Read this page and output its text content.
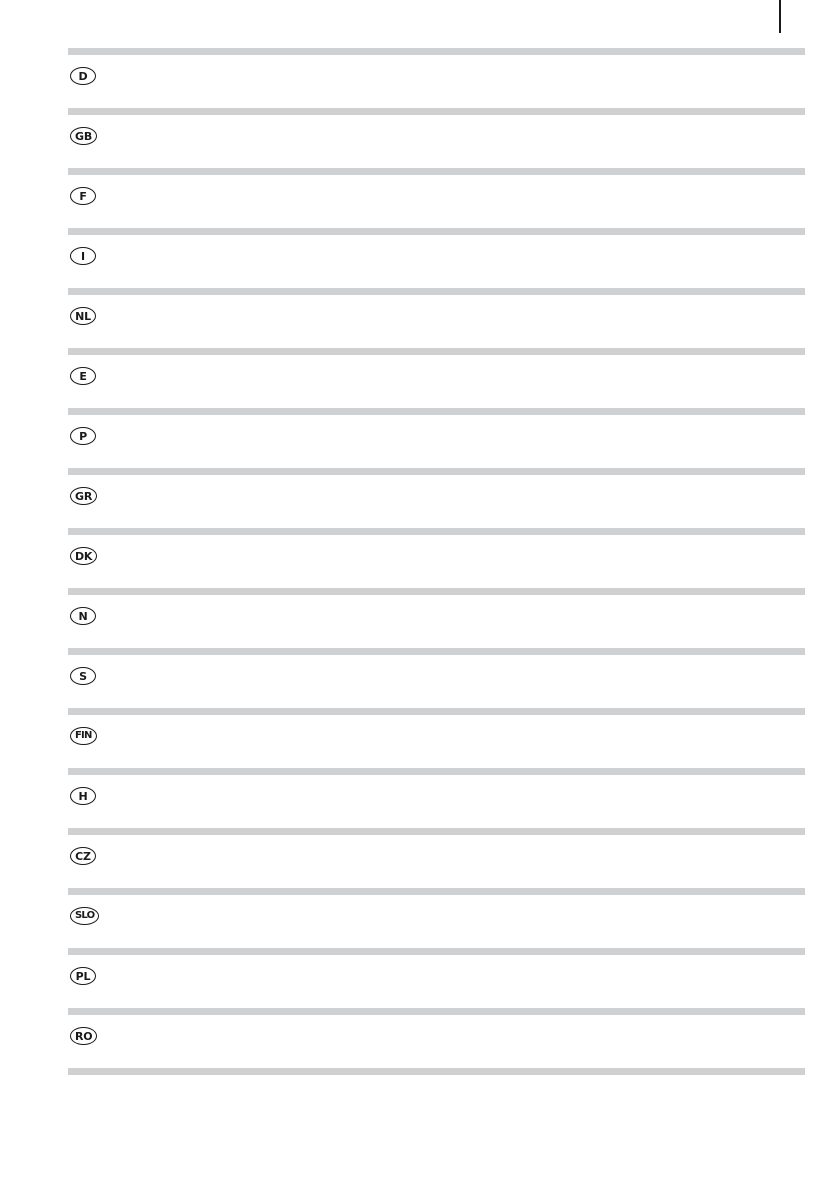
D
GB
F
I
NL
E
P
GR
DK
N
S
FIN
H
CZ
SLO
PL
RO
